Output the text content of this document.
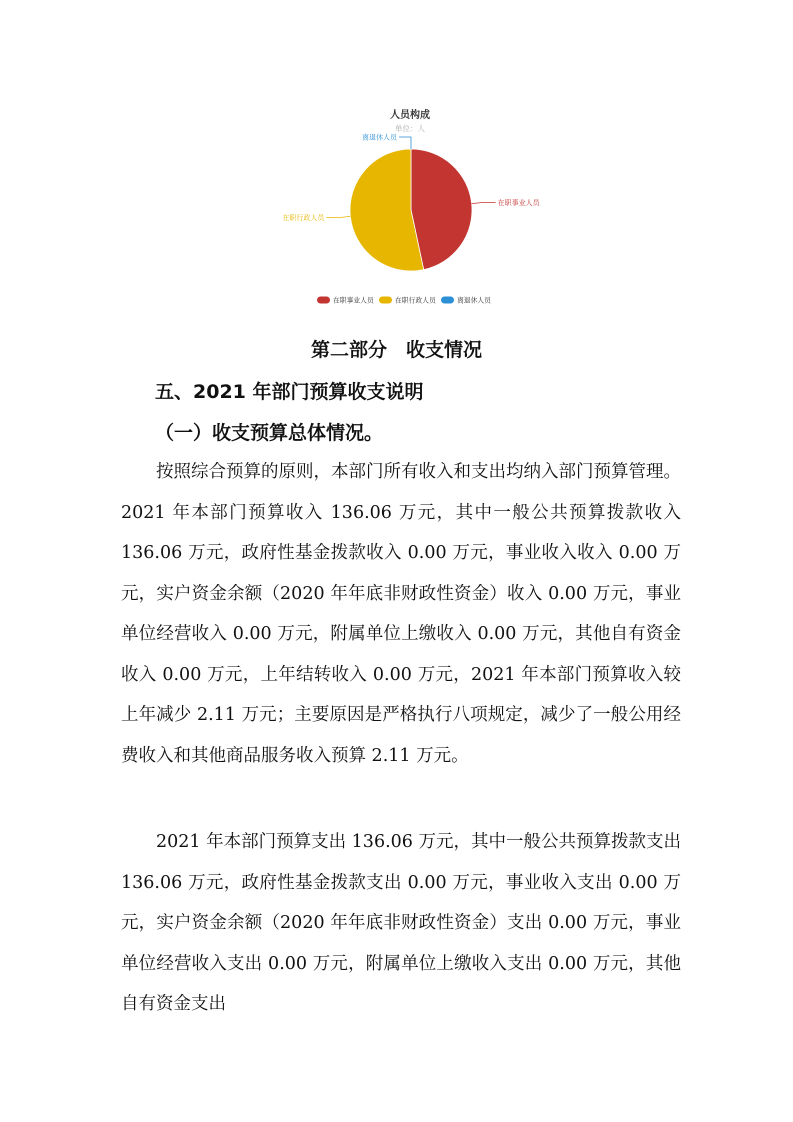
人员构成
单位：人
在职事业人员
在职行政人员
离退休人员
在职事业人员	在职行政人员	离退休人员
第二部分　收支情况
五、2021 年部门预算收支说明
（一）收支预算总体情况。

按照综合预算的原则，本部门所有收入和支出均纳入部门预算管理。2021 年本部门预算收入 136.06 万元，其中一般公共预算拨款收入 136.06 万元，政府性基金拨款收入 0.00 万元，事业收入收入 0.00 万元，实户资金余额（2020 年年底非财政性资金）收入 0.00 万元，事业单位经营收入 0.00 万元，附属单位上缴收入 0.00 万元，其他自有资金收入 0.00 万元，上年结转收入 0.00 万元，2021 年本部门预算收入较上年减少 2.11 万元；主要原因是严格执行八项规定，减少了一般公用经费收入和其他商品服务收入预算 2.11 万元。

2021 年本部门预算支出 136.06 万元，其中一般公共预算拨款支出 136.06 万元，政府性基金拨款支出 0.00 万元，事业收入支出 0.00 万元，实户资金余额（2020 年年底非财政性资金）支出 0.00 万元，事业单位经营收入支出 0.00 万元，附属单位上缴收入支出 0.00 万元，其他自有资金支出
